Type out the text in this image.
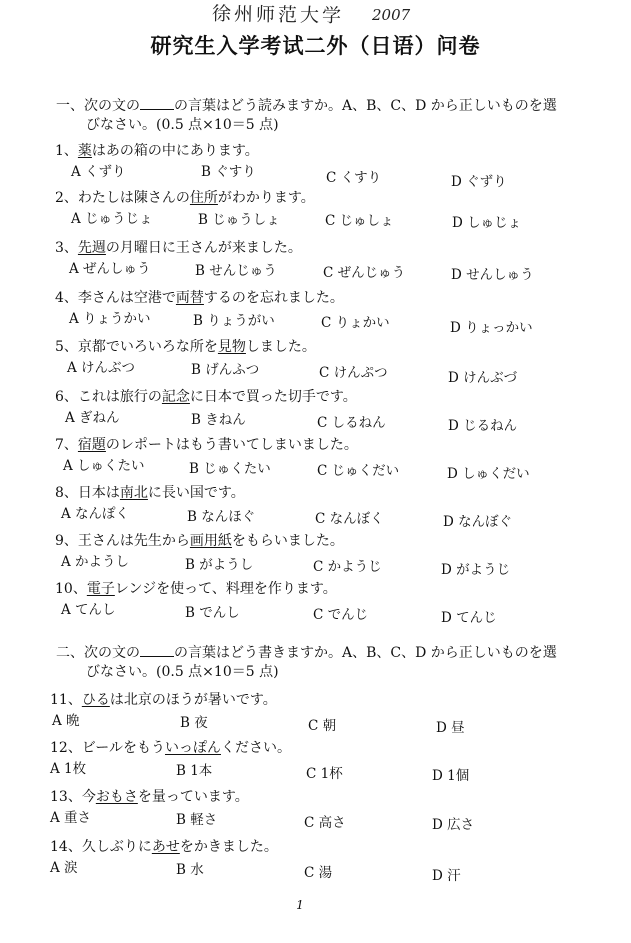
徐州师范大学 2007
研究生入学考试二外（日语）问卷
一、次の文の の言葉はどう読みますか。A、B、C、D から正しいものを選
びなさい。(0.5 点×10＝5 点)
二、次の文の の言葉はどう書きますか。A、B、C、D から正しいものを選
びなさい。(0.5 点×10＝5 点)
1、薬はあの箱の中にあります。
A くずり	B ぐすり	C くすり	D ぐずり
2、わたしは陳さんの住所がわかります。
A じゅうじょ	B じゅうしょ	C じゅしょ	D しゅじょ
3、先週の月曜日に王さんが来ました。
A ぜんしゅう	B せんじゅう	C ぜんじゅう	D せんしゅう
4、李さんは空港で両替するのを忘れました。
A りょうかい	B りょうがい	C りょかい	D りょっかい
5、京都でいろいろな所を見物しました。
A けんぶつ	B げんふつ	C けんぷつ	D けんぶづ
6、これは旅行の記念に日本で買った切手です。
A ぎねん	B きねん	C しるねん	D じるねん
7、宿題のレポートはもう書いてしまいました。
A しゅくたい	B じゅくたい	C じゅくだい	D しゅくだい
8、日本は南北に長い国です。
A なんぽく	B なんほぐ	C なんぼく	D なんぼぐ
9、王さんは先生から画用紙をもらいました。
A かようし	B がようし	C かようじ	D がようじ
10、電子レンジを使って、料理を作ります。
A てんし	B でんし	C でんじ	D てんじ
11、ひるは北京のほうが暑いです。
A 晩	B 夜	C 朝	D 昼
12、ビールをもういっぽんください。
A 1枚	B 1本	C 1杯	D 1個
13、今おもさを量っています。
A 重さ	B 軽さ	C 高さ	D 広さ
14、久しぶりにあせをかきました。
A 涙	B 水	C 湯	D 汗
1
